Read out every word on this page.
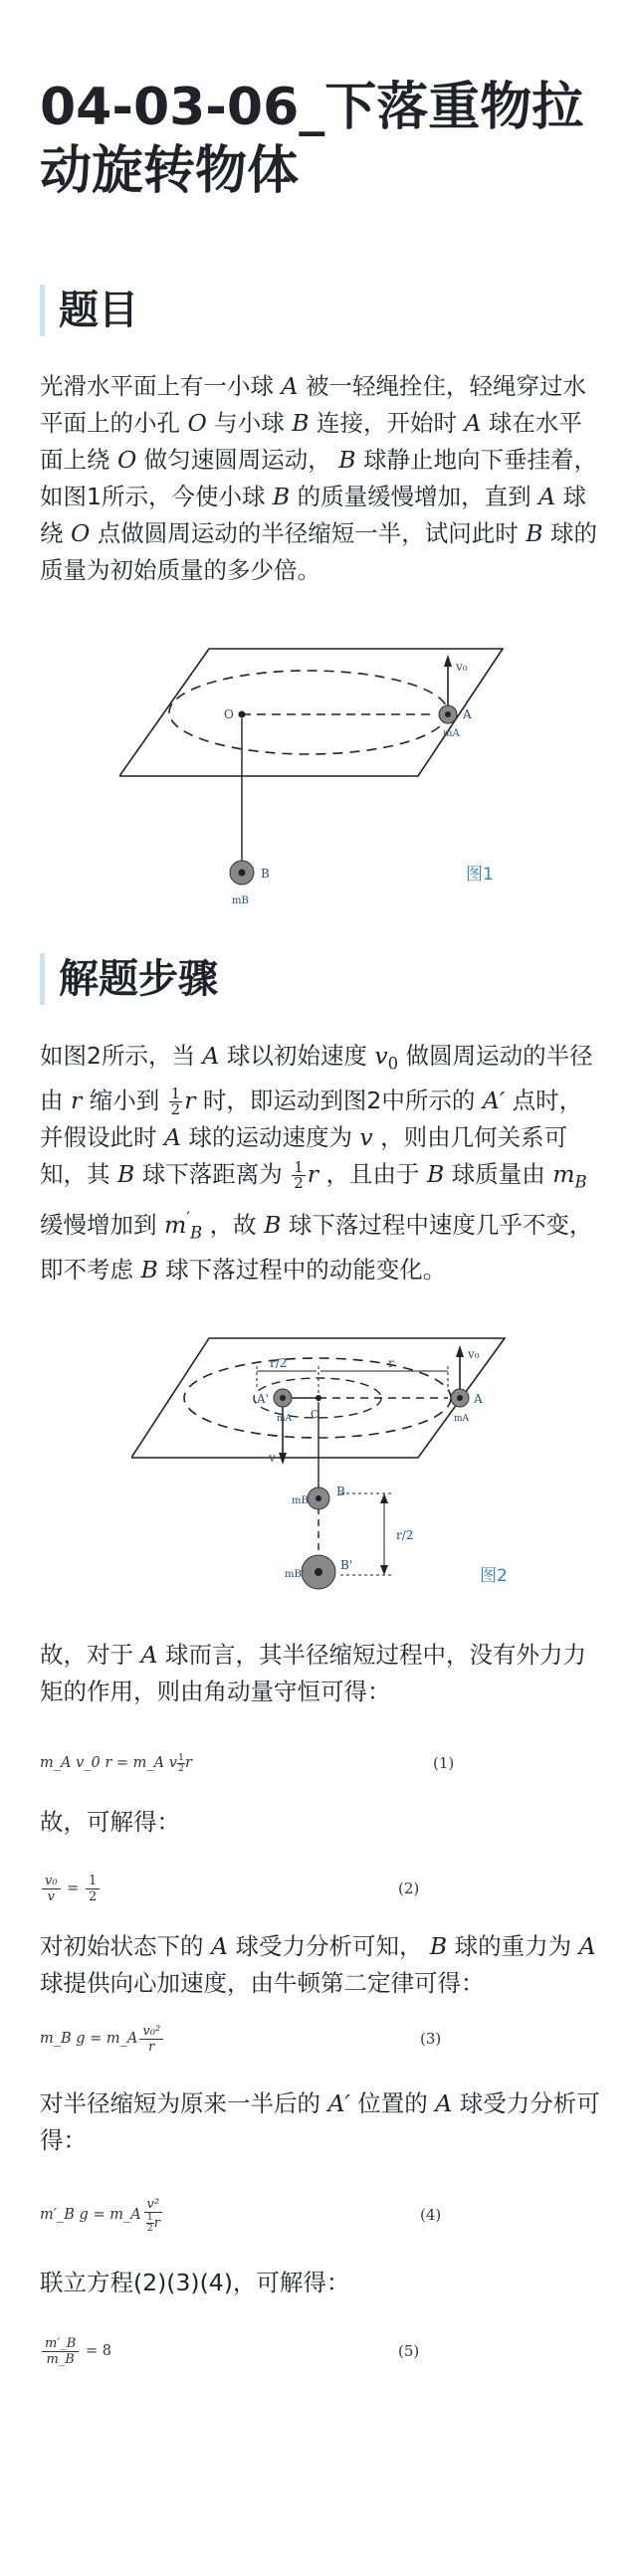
04-03-06_下落重物拉动旋转物体
题目

光滑水平面上有一小球 A 被一轻绳拴住，轻绳穿过水平面上的小孔 O 与小球 B 连接，开始时 A 球在水平面上绕 O 做匀速圆周运动， B 球静止地向下垂挂着，如图1所示，今使小球 B 的质量缓慢增加，直到 A 球绕 O 点做圆周运动的半径缩短一半，试问此时 B 球的质量为初始质量的多少倍。

v₀
O	A
mA
B
mB
图1
解题步骤

如图2所示，当 A 球以初始速度 $v_0$ 做圆周运动的半径由 r 缩小到 $\frac{1}{2}$ r 时，即运动到图2中所示的 A′ 点时，并假设此时 A 球的运动速度为 v ，则由几何关系可知，其 B 球下落距离为 $\frac{1}{2}$ r ，且由于 B 球质量由 $m_B$ 缓慢增加到 $m'_B$ ，故 B 球下落过程中速度几乎不变，即不考虑 B 球下落过程中的动能变化。

v₀
v
A
A'
O
r/2	r
mA
mA
mB
B
mB'
B'
r/2
图2

故，对于 A 球而言，其半径缩短过程中，没有外力力矩的作用，则由角动量守恒可得：

m_A v_0 r = m_A v 1
2 r	(1)

故，可解得：

$\frac{\text{v₀}}{v}$
=
$\frac{1}{2}$	(2)

对初始状态下的 A 球受力分析可知， B 球的重力为 A 球提供向心加速度，由牛顿第二定律可得：

m_B g = m_A v₀²
r	(3)

对半径缩短为原来一半后的 A′ 位置的 A 球受力分析可得：

m′_B g = m_A
v²
$\frac{1}{2}$ r	(4)

联立方程(2)(3)(4)，可解得：

$\frac{m'\_B}{m\_B}$
= 8	(5)
